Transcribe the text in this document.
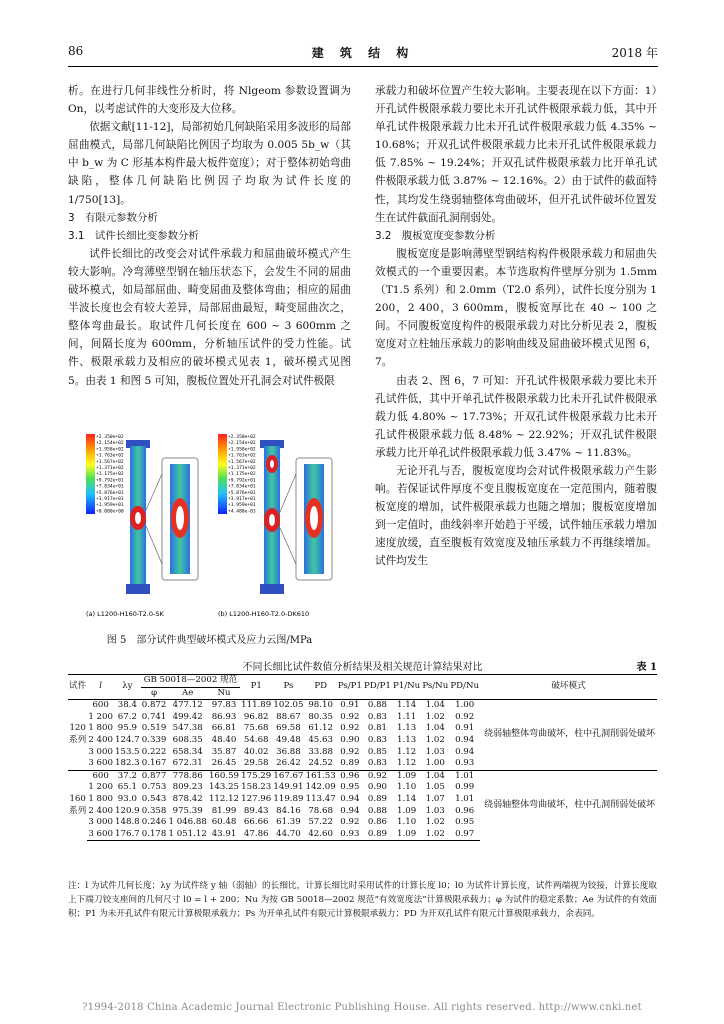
86	建 筑 结 构	2018 年

析。在进行几何非线性分析时，将 Nlgeom 参数设置调为 On，以考虑试件的大变形及大位移。

依据文献[11-12]，局部初始几何缺陷采用多波形的局部屈曲模式，局部几何缺陷比例因子均取为 0.005 5b_w（其中 b_w 为 C 形基本构件最大板件宽度）；对于整体初始弯曲缺陷，整体几何缺陷比例因子均取为试件长度的 1/750[13]。

3　有限元参数分析

3.1　试件长细比变参数分析

试件长细比的改变会对试件承载力和屈曲破坏模式产生较大影响。冷弯薄壁型钢在轴压状态下，会发生不同的屈曲破坏模式，如局部屈曲、畸变屈曲及整体弯曲；相应的屈曲半波长度也会有较大差异，局部屈曲最短，畸变屈曲次之，整体弯曲最长。取试件几何长度在 600 ~ 3 600mm 之间，间隔长度为 600mm，分析轴压试件的受力性能。试件、极限承载力及相应的破坏模式见表 1，破坏模式见图 5。由表 1 和图 5 可知，腹板位置处开孔洞会对试件极限

+2.350e+02
+2.154e+02
+1.958e+02
+1.763e+02
+1.567e+02
+1.371e+02
+1.175e+02
+9.792e+01
+7.834e+01
+5.876e+01
+3.917e+01
+1.959e+01
+0.000e+00
(a) L1200-H160-T2.0-SK
+2.350e+02
+2.154e+02
+1.958e+02
+1.763e+02
+1.567e+02
+1.371e+02
+1.175e+02
+9.792e+01
+7.834e+01
+5.876e+01
+3.917e+01
+1.959e+01
+4.488e-03
(b) L1200-H160-T2.0-DK610
图 5　部分试件典型破坏模式及应力云图/MPa

承载力和破坏位置产生较大影响。主要表现在以下方面：1）开孔试件极限承载力要比未开孔试件极限承载力低，其中开单孔试件极限承载力比未开孔试件极限承载力低 4.35% ~ 10.68%；开双孔试件极限承载力比未开孔试件极限承载力低 7.85% ~ 19.24%；开双孔试件极限承载力比开单孔试件极限承载力低 3.87% ~ 12.16%。2）由于试件的截面特性，其均发生绕弱轴整体弯曲破坏，但开孔试件破坏位置发生在试件截面孔洞削弱处。

3.2　腹板宽度变参数分析

腹板宽度是影响薄壁型钢结构构件极限承载力和屈曲失效模式的一个重要因素。本节选取构件壁厚分别为 1.5mm（T1.5 系列）和 2.0mm（T2.0 系列），试件长度分别为 1 200，2 400，3 600mm，腹板宽厚比在 40 ~ 100 之间。不同腹板宽度构件的极限承载力对比分析见表 2，腹板宽度对立柱轴压承载力的影响曲线及屈曲破坏模式见图 6，7。

由表 2、图 6，7 可知：开孔试件极限承载力要比未开孔试件低，其中开单孔试件极限承载力比未开孔试件极限承载力低 4.80% ~ 17.73%；开双孔试件极限承载力比未开孔试件极限承载力低 8.48% ~ 22.92%；开双孔试件极限承载力比开单孔试件极限承载力低 3.47% ~ 11.83%。

无论开孔与否，腹板宽度均会对试件极限承载力产生影响。若保证试件厚度不变且腹板宽度在一定范围内，随着腹板宽度的增加，试件极限承载力也随之增加；腹板宽度增加到一定值时，曲线斜率开始趋于平缓，试件轴压承载力增加速度放缓，直至腹板有效宽度及轴压承载力不再继续增加。试件均发生

不同长细比试件数值分析结果及相关规范计算结果对比	表 1
试件	l	λy	GB 50018—2002 规范			P1	Ps	PD	Ps/P1	PD/P1	P1/Nu	Ps/Nu	PD/Nu	破坏模式
			φ	Ae	Nu									
120
系列	600	38.4	0.872	477.12	97.83	111.89	102.05	98.10	0.91	0.88	1.14	1.04	1.00	绕弱轴整体弯曲破坏，柱中孔洞削弱处破坏
	1 200	67.2	0.741	499.42	86.93	96.82	88.67	80.35	0.92	0.83	1.11	1.02	0.92	
	1 800	95.9	0.519	547.38	66.81	75.68	69.58	61.12	0.92	0.81	1.13	1.04	0.91	
	2 400	124.7	0.339	608.35	48.40	54.68	49.48	45.63	0.90	0.83	1.13	1.02	0.94	
	3 000	153.5	0.222	658.34	35.87	40.02	36.88	33.88	0.92	0.85	1.12	1.03	0.94	
	3 600	182.3	0.167	672.31	26.45	29.58	26.42	24.52	0.89	0.83	1.12	1.00	0.93	
160
系列	600	37.2	0.877	778.86	160.59	175.29	167.67	161.53	0.96	0.92	1.09	1.04	1.01	绕弱轴整体弯曲破坏，柱中孔洞削弱处破坏
	1 200	65.1	0.753	809.23	143.25	158.23	149.91	142.09	0.95	0.90	1.10	1.05	0.99	
	1 800	93.0	0.543	878.42	112.12	127.96	119.89	113.47	0.94	0.89	1.14	1.07	1.01	
	2 400	120.9	0.358	975.39	81.99	89.43	84.16	78.68	0.94	0.88	1.09	1.03	0.96	
	3 000	148.8	0.246	1 046.88	60.48	66.66	61.39	57.22	0.92	0.86	1.10	1.02	0.95	
	3 600	176.7	0.178	1 051.12	43.91	47.86	44.70	42.60	0.93	0.89	1.09	1.02	0.97	
注：l 为试件几何长度；λy 为试件绕 y 轴（弱轴）的长细比，计算长细比时采用试件的计算长度 l0；l0 为试件计算长度，试件两端视为铰接，计算长度取上下端刀铰支座间的几何尺寸 l0 = l + 200；Nu 为按 GB 50018—2002 规范“有效宽度法”计算极限承载力；φ 为试件的稳定系数；Ae 为试件的有效面积；P1 为未开孔试件有限元计算极限承载力；Ps 为开单孔试件有限元计算极限承载力；PD 为开双孔试件有限元计算极限承载力，余表同。
?1994-2018 China Academic Journal Electronic Publishing House. All rights reserved. http://www.cnki.net
